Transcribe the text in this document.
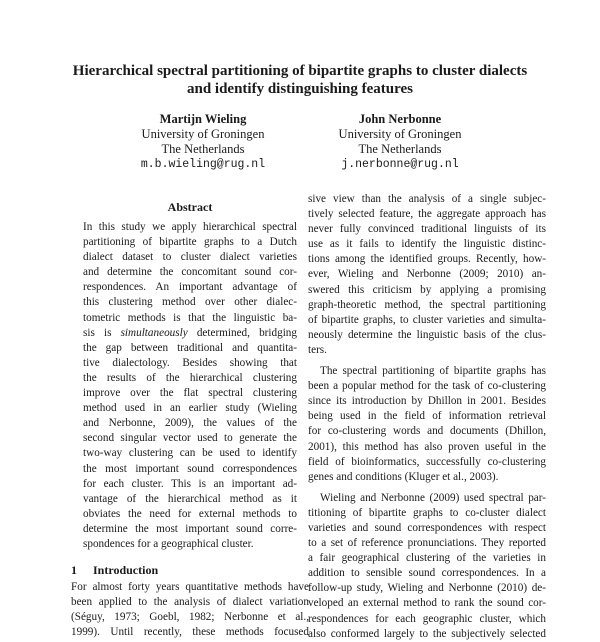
Hierarchical spectral partitioning of bipartite graphs to cluster dialects
and identify distinguishing features
Martijn Wieling
University of Groningen
The Netherlands
m.b.wieling@rug.nl
John Nerbonne
University of Groningen
The Netherlands
j.nerbonne@rug.nl
Abstract
In this study we apply hierarchical spectral
partitioning of bipartite graphs to a Dutch
dialect dataset to cluster dialect varieties
and determine the concomitant sound cor-
respondences. An important advantage of
this clustering method over other dialec-
tometric methods is that the linguistic ba-
sis is simultaneously determined, bridging
the gap between traditional and quantita-
tive dialectology. Besides showing that
the results of the hierarchical clustering
improve over the flat spectral clustering
method used in an earlier study (Wieling
and Nerbonne, 2009), the values of the
second singular vector used to generate the
two-way clustering can be used to identify
the most important sound correspondences
for each cluster. This is an important ad-
vantage of the hierarchical method as it
obviates the need for external methods to
determine the most important sound corre-
spondences for a geographical cluster.
1 Introduction
For almost forty years quantitative methods have
been applied to the analysis of dialect variation
(Séguy, 1973; Goebl, 1982; Nerbonne et al.,
1999). Until recently, these methods focused
sive view than the analysis of a single subjec-
tively selected feature, the aggregate approach has
never fully convinced traditional linguists of its
use as it fails to identify the linguistic distinc-
tions among the identified groups. Recently, how-
ever, Wieling and Nerbonne (2009; 2010) an-
swered this criticism by applying a promising
graph-theoretic method, the spectral partitioning
of bipartite graphs, to cluster varieties and simulta-
neously determine the linguistic basis of the clus-
ters.
The spectral partitioning of bipartite graphs has
been a popular method for the task of co-clustering
since its introduction by Dhillon in 2001. Besides
being used in the field of information retrieval
for co-clustering words and documents (Dhillon,
2001), this method has also proven useful in the
field of bioinformatics, successfully co-clustering
genes and conditions (Kluger et al., 2003).
Wieling and Nerbonne (2009) used spectral par-
titioning of bipartite graphs to co-cluster dialect
varieties and sound correspondences with respect
to a set of reference pronunciations. They reported
a fair geographical clustering of the varieties in
addition to sensible sound correspondences. In a
follow-up study, Wieling and Nerbonne (2010) de-
veloped an external method to rank the sound cor-
respondences for each geographic cluster, which
also conformed largely to the subjectively selected
